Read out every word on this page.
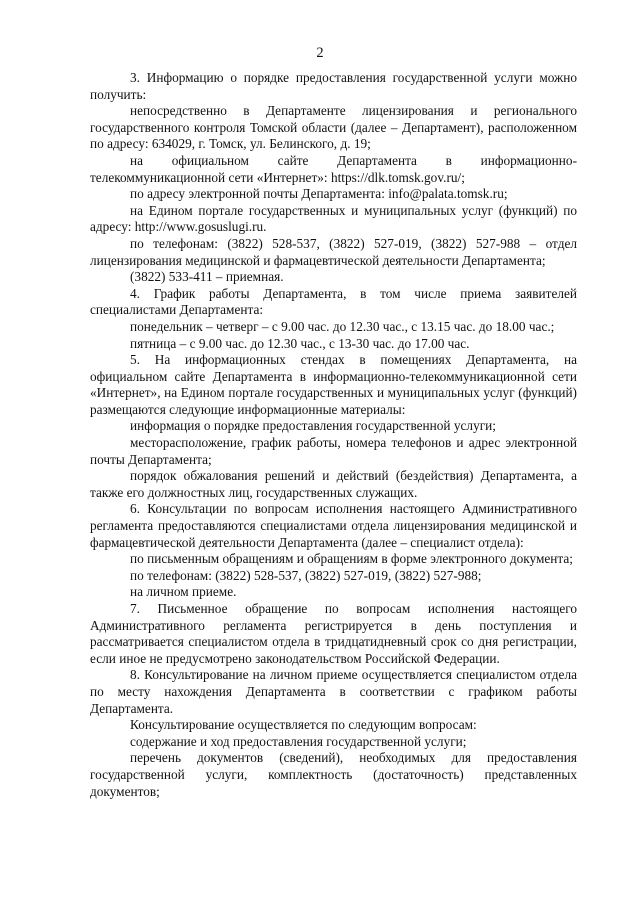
2

3. Информацию о порядке предоставления государственной услуги можно получить:

непосредственно в Департаменте лицензирования и регионального государственного контроля Томской области (далее – Департамент), расположенном по адресу: 634029, г. Томск, ул. Белинского, д. 19;

на официальном сайте Департамента в информационно-телекоммуникационной сети «Интернет»: https://dlk.tomsk.gov.ru/;

по адресу электронной почты Департамента: info@palata.tomsk.ru;

на Едином портале государственных и муниципальных услуг (функций) по адресу: http://www.gosuslugi.ru.

по телефонам: (3822) 528-537, (3822) 527-019, (3822) 527-988 – отдел лицензирования медицинской и фармацевтической деятельности Департамента;

(3822) 533-411 – приемная.

4. График работы Департамента, в том числе приема заявителей специалистами Департамента:

понедельник – четверг – с 9.00 час. до 12.30 час., с 13.15 час. до 18.00 час.;

пятница – с 9.00 час. до 12.30 час., с 13-30 час. до 17.00 час.

5. На информационных стендах в помещениях Департамента, на официальном сайте Департамента в информационно-телекоммуникационной сети «Интернет», на Едином портале государственных и муниципальных услуг (функций) размещаются следующие информационные материалы:

информация о порядке предоставления государственной услуги;

месторасположение, график работы, номера телефонов и адрес электронной почты Департамента;

порядок обжалования решений и действий (бездействия) Департамента, а также его должностных лиц, государственных служащих.

6. Консультации по вопросам исполнения настоящего Административного регламента предоставляются специалистами отдела лицензирования медицинской и фармацевтической деятельности Департамента (далее – специалист отдела):

по письменным обращениям и обращениям в форме электронного документа;

по телефонам: (3822) 528-537, (3822) 527-019, (3822) 527-988;

на личном приеме.

7. Письменное обращение по вопросам исполнения настоящего Административного регламента регистрируется в день поступления и рассматривается специалистом отдела в тридцатидневный срок со дня регистрации, если иное не предусмотрено законодательством Российской Федерации.

8. Консультирование на личном приеме осуществляется специалистом отдела по месту нахождения Департамента в соответствии с графиком работы Департамента.

Консультирование осуществляется по следующим вопросам:

содержание и ход предоставления государственной услуги;

перечень документов (сведений), необходимых для предоставления государственной услуги, комплектность (достаточность) представленных документов;
